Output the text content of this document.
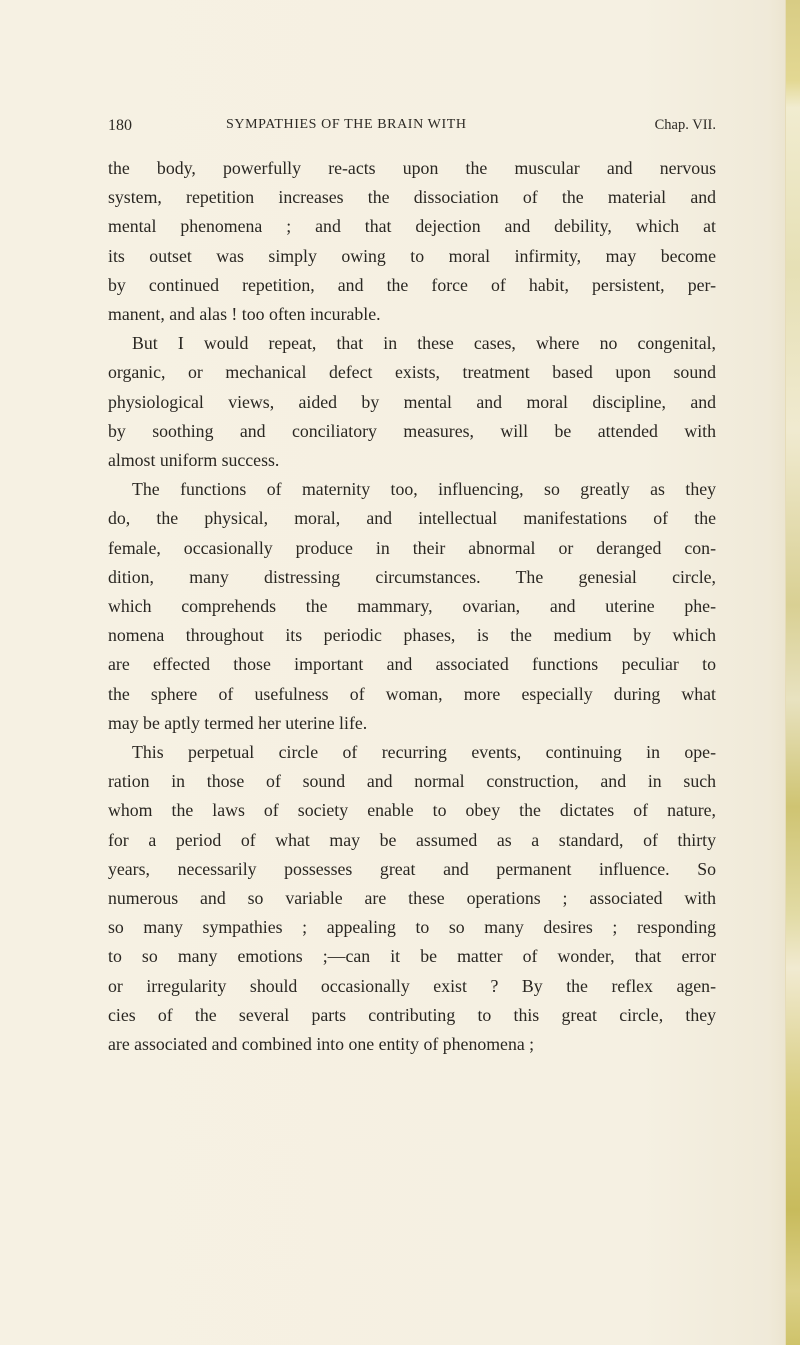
180	SYMPATHIES OF THE BRAIN WITH	Chap. VII.
the body, powerfully re-acts upon the muscular and nervous
system, repetition increases the dissociation of the material and
mental phenomena ; and that dejection and debility, which at
its outset was simply owing to moral infirmity, may become
by continued repetition, and the force of habit, persistent, per-
manent, and alas ! too often incurable.
But I would repeat, that in these cases, where no congenital,
organic, or mechanical defect exists, treatment based upon sound
physiological views, aided by mental and moral discipline, and
by soothing and conciliatory measures, will be attended with
almost uniform success.
The functions of maternity too, influencing, so greatly as they
do, the physical, moral, and intellectual manifestations of the
female, occasionally produce in their abnormal or deranged con-
dition, many distressing circumstances. The genesial circle,
which comprehends the mammary, ovarian, and uterine phe-
nomena throughout its periodic phases, is the medium by which
are effected those important and associated functions peculiar to
the sphere of usefulness of woman, more especially during what
may be aptly termed her uterine life.
This perpetual circle of recurring events, continuing in ope-
ration in those of sound and normal construction, and in such
whom the laws of society enable to obey the dictates of nature,
for a period of what may be assumed as a standard, of thirty
years, necessarily possesses great and permanent influence. So
numerous and so variable are these operations ; associated with
so many sympathies ; appealing to so many desires ; responding
to so many emotions ;—can it be matter of wonder, that error
or irregularity should occasionally exist ? By the reflex agen-
cies of the several parts contributing to this great circle, they
are associated and combined into one entity of phenomena ;
